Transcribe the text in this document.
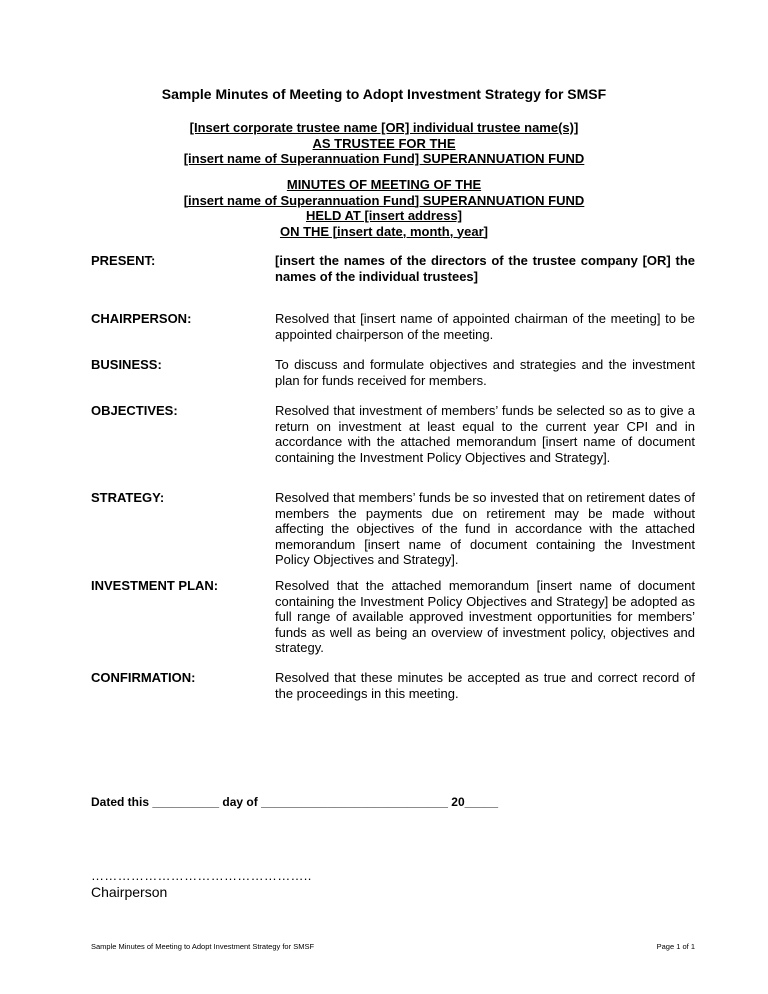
Sample Minutes of Meeting to Adopt Investment Strategy for SMSF
[Insert corporate trustee name [OR] individual trustee name(s)]
AS TRUSTEE FOR THE
[insert name of Superannuation Fund] SUPERANNUATION FUND
MINUTES OF MEETING OF THE
[insert name of Superannuation Fund] SUPERANNUATION FUND
HELD AT [insert address]
ON THE [insert date, month, year]
PRESENT:	[insert the names of the directors of the trustee company [OR] the names of the individual trustees]
CHAIRPERSON:	Resolved that [insert name of appointed chairman of the meeting] to be appointed chairperson of the meeting.
BUSINESS:	To discuss and formulate objectives and strategies and the investment plan for funds received for members.
OBJECTIVES:	Resolved that investment of members’ funds be selected so as to give a return on investment at least equal to the current year CPI and in accordance with the attached memorandum [insert name of document containing the Investment Policy Objectives and Strategy].
STRATEGY:	Resolved that members’ funds be so invested that on retirement dates of members the payments due on retirement may be made without affecting the objectives of the fund in accordance with the attached memorandum [insert name of document containing the Investment Policy Objectives and Strategy].
INVESTMENT PLAN:	Resolved that the attached memorandum [insert name of document containing the Investment Policy Objectives and Strategy] be adopted as full range of available approved investment opportunities for members’ funds as well as being an overview of investment policy, objectives and strategy.
CONFIRMATION:	Resolved that these minutes be accepted as true and correct record of the proceedings in this meeting.
Dated this __________ day of ____________________________ 20_____
…………………………………………..
Chairperson
Sample Minutes of Meeting to Adopt Investment Strategy for SMSF	Page 1 of 1
